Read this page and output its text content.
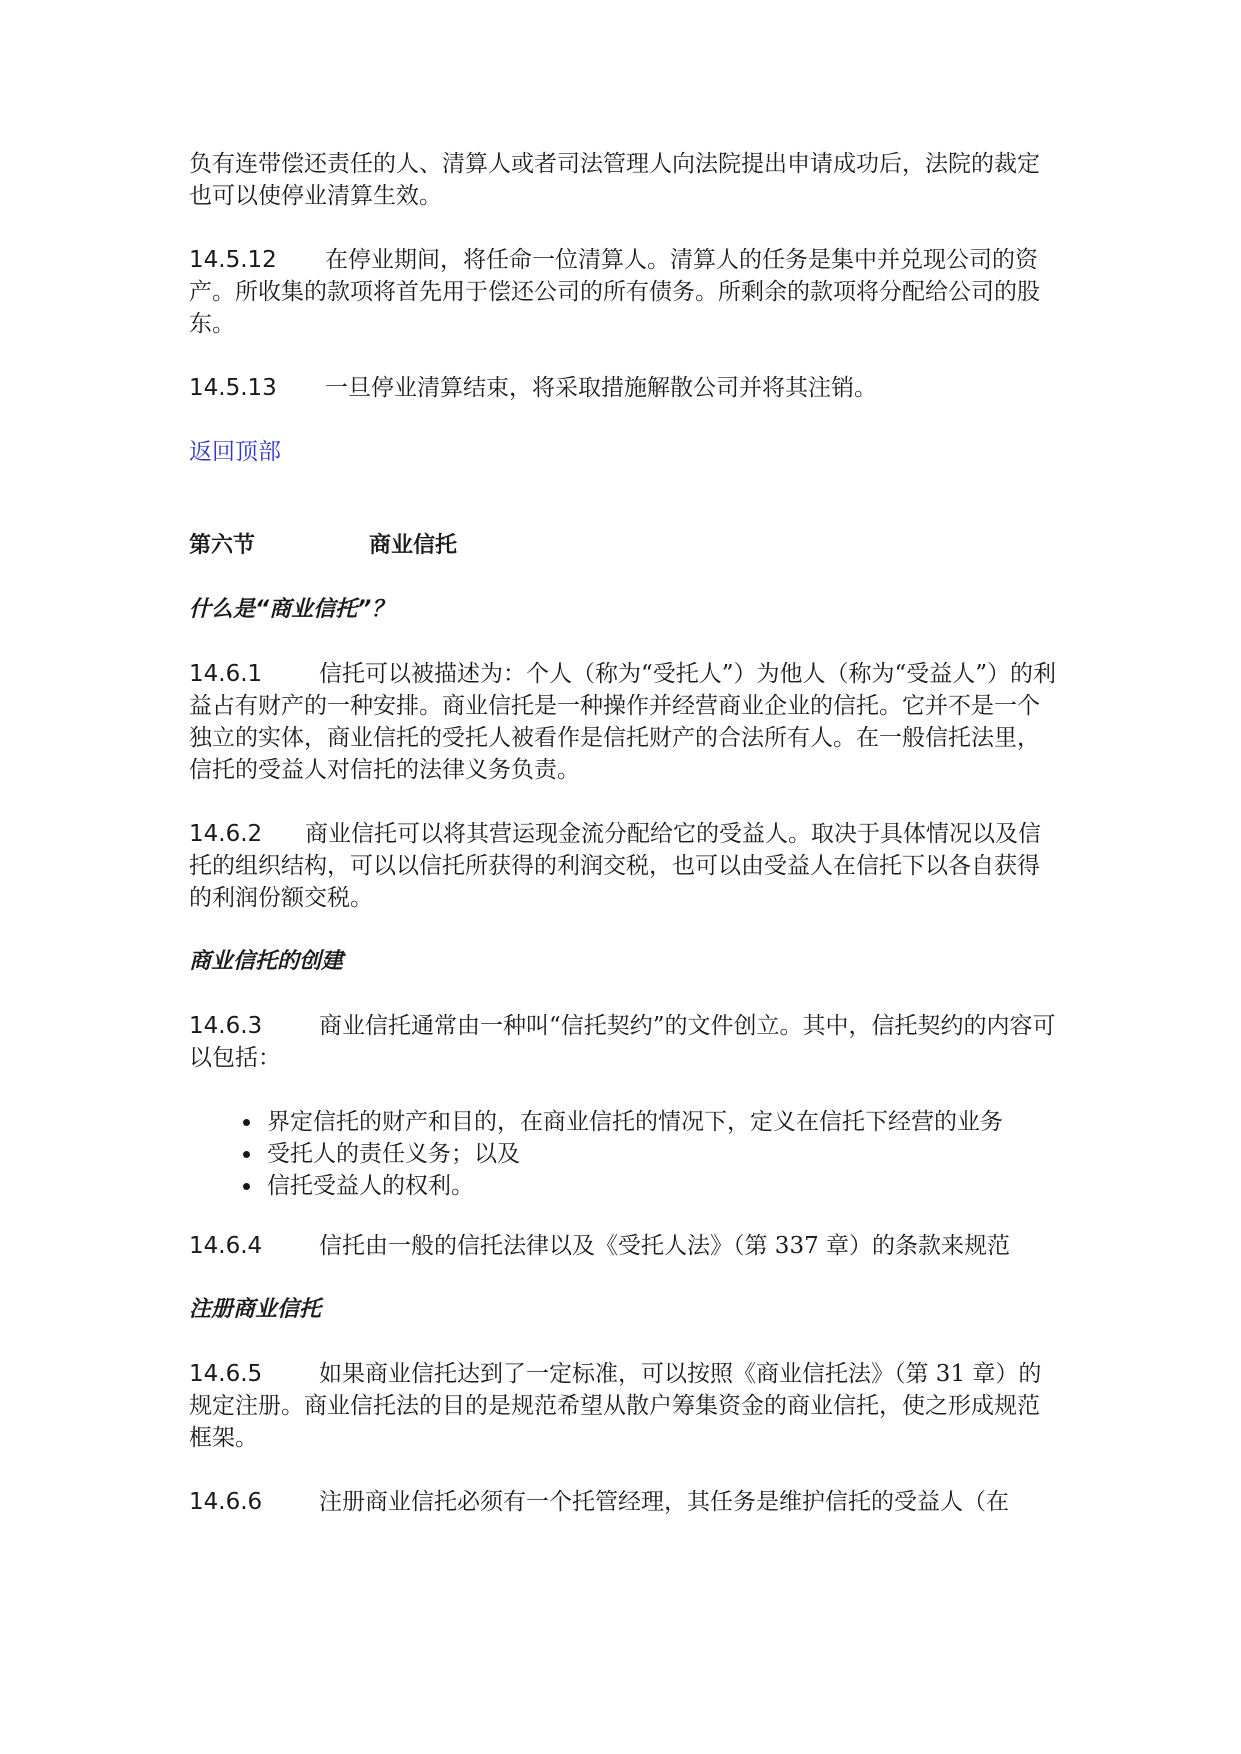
负有连带偿还责任的人、清算人或者司法管理人向法院提出申请成功后，法院的裁定也可以使停业清算生效。

14.5.12 在停业期间，将任命一位清算人。清算人的任务是集中并兑现公司的资产。所收集的款项将首先用于偿还公司的所有债务。所剩余的款项将分配给公司的股东。

14.5.13 一旦停业清算结束，将采取措施解散公司并将其注销。

返回顶部
第六节	商业信托
什么是“商业信托”？

14.6.1 信托可以被描述为：个人（称为“受托人”）为他人（称为“受益人”）的利益占有财产的一种安排。商业信托是一种操作并经营商业企业的信托。它并不是一个独立的实体，商业信托的受托人被看作是信托财产的合法所有人。在一般信托法里，信托的受益人对信托的法律义务负责。

14.6.2 商业信托可以将其营运现金流分配给它的受益人。取决于具体情况以及信托的组织结构，可以以信托所获得的利润交税，也可以由受益人在信托下以各自获得的利润份额交税。

商业信托的创建

14.6.3 商业信托通常由一种叫“信托契约”的文件创立。其中，信托契约的内容可以包括：

• 界定信托的财产和目的，在商业信托的情况下，定义在信托下经营的业务
• 受托人的责任义务；以及
• 信托受益人的权利。

14.6.4 信托由一般的信托法律以及《受托人法》（第 337 章）的条款来规范

注册商业信托

14.6.5 如果商业信托达到了一定标准，可以按照《商业信托法》（第 31 章）的规定注册。商业信托法的目的是规范希望从散户筹集资金的商业信托，使之形成规范框架。

14.6.6 注册商业信托必须有一个托管经理，其任务是维护信托的受益人（在
